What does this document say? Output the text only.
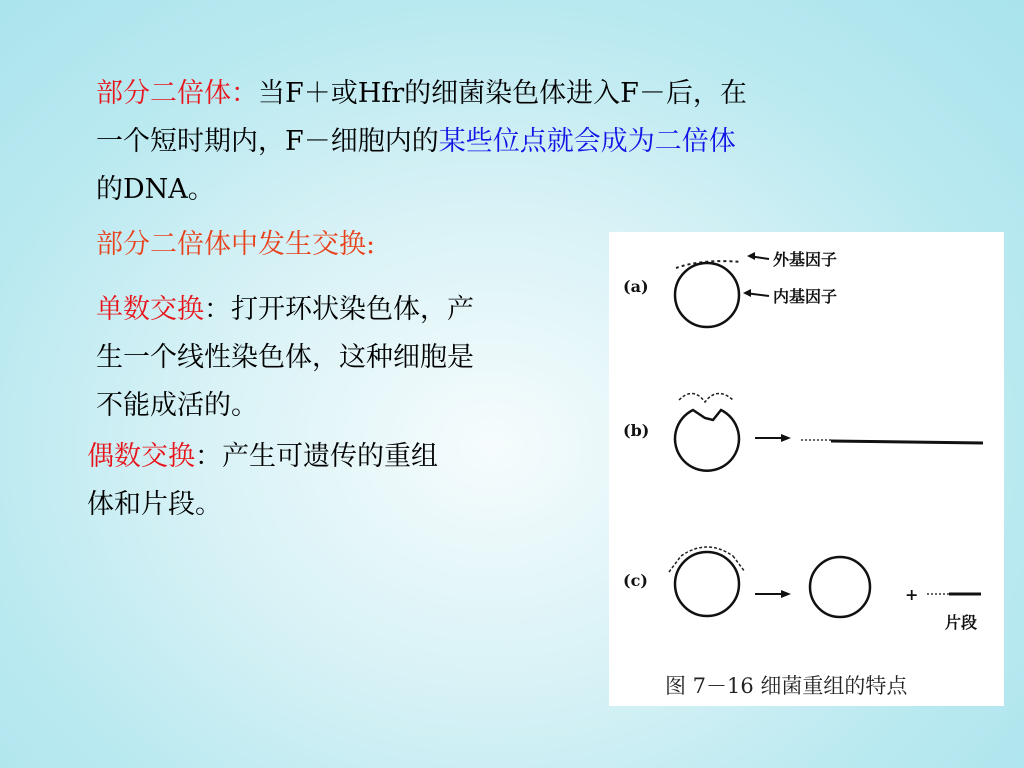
部分二倍体：当F＋或Hfr的细菌染色体进入F－后，在
一个短时期内，F－细胞内的某些位点就会成为二倍体
的DNA。
部分二倍体中发生交换:
单数交换：打开环状染色体，产
生一个线性染色体，这种细胞是
不能成活的。
偶数交换：产生可遗传的重组
体和片段。
(a)
外基因子
内基因子
(b)
(c)
+
片段
图 7－16 细菌重组的特点
